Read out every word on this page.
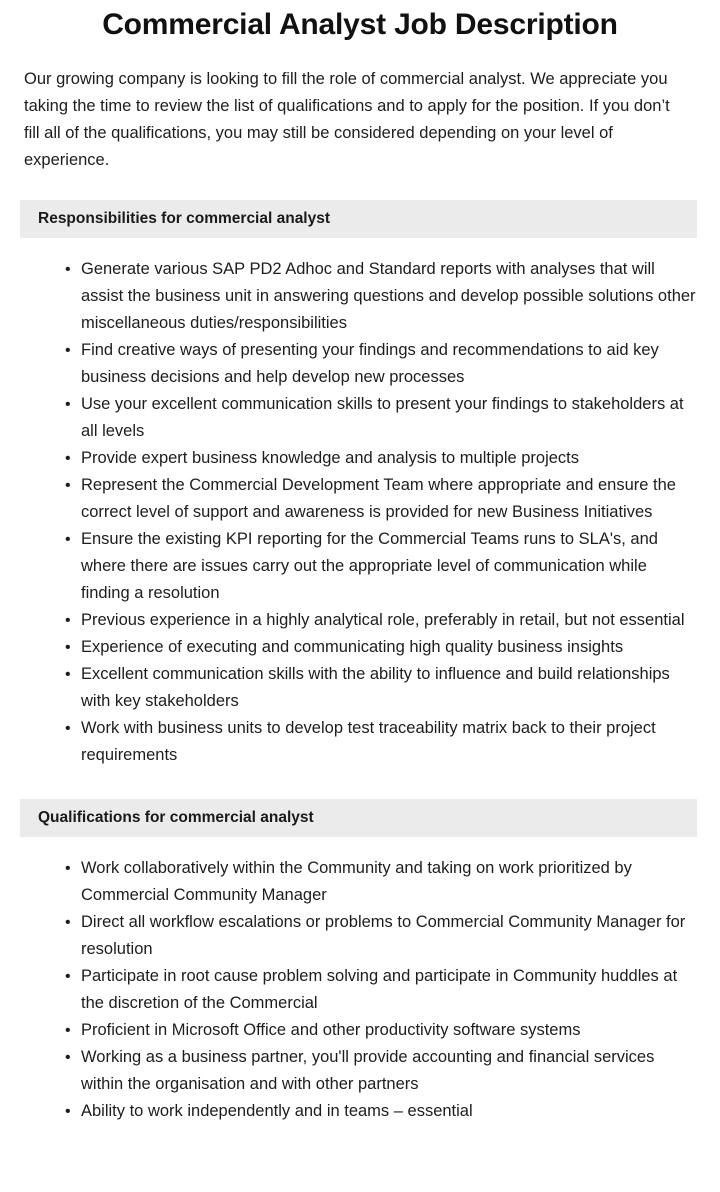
Commercial Analyst Job Description

Our growing company is looking to fill the role of commercial analyst. We appreciate you taking the time to review the list of qualifications and to apply for the position. If you don’t fill all of the qualifications, you may still be considered depending on your level of experience.

Responsibilities for commercial analyst
• Generate various SAP PD2 Adhoc and Standard reports with analyses that will assist the business unit in answering questions and develop possible solutions other miscellaneous duties/responsibilities
• Find creative ways of presenting your findings and recommendations to aid key business decisions and help develop new processes
• Use your excellent communication skills to present your findings to stakeholders at all levels
• Provide expert business knowledge and analysis to multiple projects
• Represent the Commercial Development Team where appropriate and ensure the correct level of support and awareness is provided for new Business Initiatives
• Ensure the existing KPI reporting for the Commercial Teams runs to SLA's, and where there are issues carry out the appropriate level of communication while finding a resolution
• Previous experience in a highly analytical role, preferably in retail, but not essential
• Experience of executing and communicating high quality business insights
• Excellent communication skills with the ability to influence and build relationships with key stakeholders
• Work with business units to develop test traceability matrix back to their project requirements
Qualifications for commercial analyst
• Work collaboratively within the Community and taking on work prioritized by Commercial Community Manager
• Direct all workflow escalations or problems to Commercial Community Manager for resolution
• Participate in root cause problem solving and participate in Community huddles at the discretion of the Commercial
• Proficient in Microsoft Office and other productivity software systems
• Working as a business partner, you'll provide accounting and financial services within the organisation and with other partners
• Ability to work independently and in teams – essential
